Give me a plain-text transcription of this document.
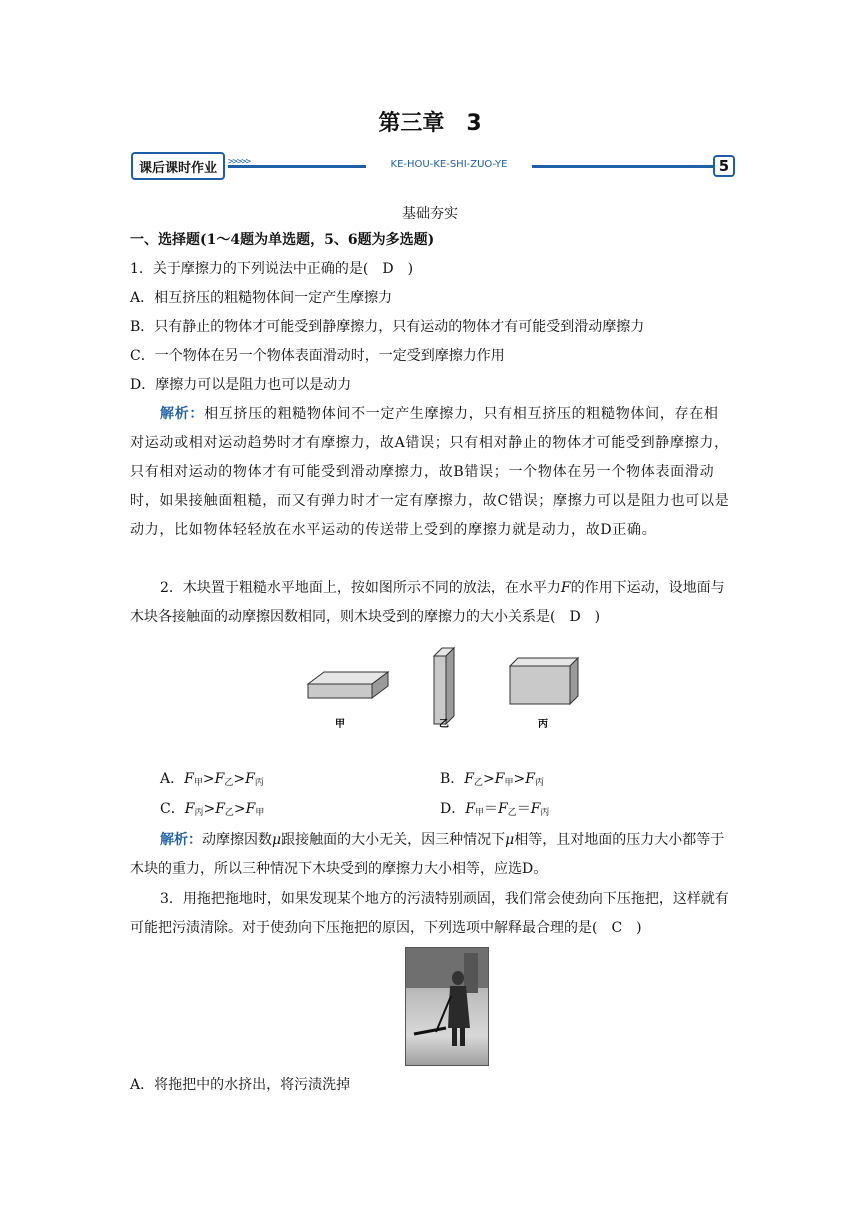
第三章　3
课后课时作业	>>>>>	KE-HOU-KE-SHI-ZUO-YE	5
基础夯实
一、选择题(1～4题为单选题，5、6题为多选题)
1．关于摩擦力的下列说法中正确的是(　D　)
A．相互挤压的粗糙物体间一定产生摩擦力
B．只有静止的物体才可能受到静摩擦力，只有运动的物体才有可能受到滑动摩擦力
C．一个物体在另一个物体表面滑动时，一定受到摩擦力作用
D．摩擦力可以是阻力也可以是动力
解析：相互挤压的粗糙物体间不一定产生摩擦力，只有相互挤压的粗糙物体间，存在相对运动或相对运动趋势时才有摩擦力，故A错误；只有相对静止的物体才可能受到静摩擦力，只有相对运动的物体才有可能受到滑动摩擦力，故B错误；一个物体在另一个物体表面滑动时，如果接触面粗糙，而又有弹力时才一定有摩擦力，故C错误；摩擦力可以是阻力也可以是动力，比如物体轻轻放在水平运动的传送带上受到的摩擦力就是动力，故D正确。
2．木块置于粗糙水平地面上，按如图所示不同的放法，在水平力F的作用下运动，设地面与木块各接触面的动摩擦因数相同，则木块受到的摩擦力的大小关系是(　D　)
甲	乙	丙
A．$F_甲>F_乙>F_丙$	B．$F_乙>F_甲>F_丙$
C．$F_丙>F_乙>F_甲$	D．$F_甲=F_乙=F_丙$
解析：动摩擦因数μ跟接触面的大小无关，因三种情况下μ相等，且对地面的压力大小都等于木块的重力，所以三种情况下木块受到的摩擦力大小相等，应选D。
3．用拖把拖地时，如果发现某个地方的污渍特别顽固，我们常会使劲向下压拖把，这样就有可能把污渍清除。对于使劲向下压拖把的原因，下列选项中解释最合理的是(　C　)
A．将拖把中的水挤出，将污渍洗掉
